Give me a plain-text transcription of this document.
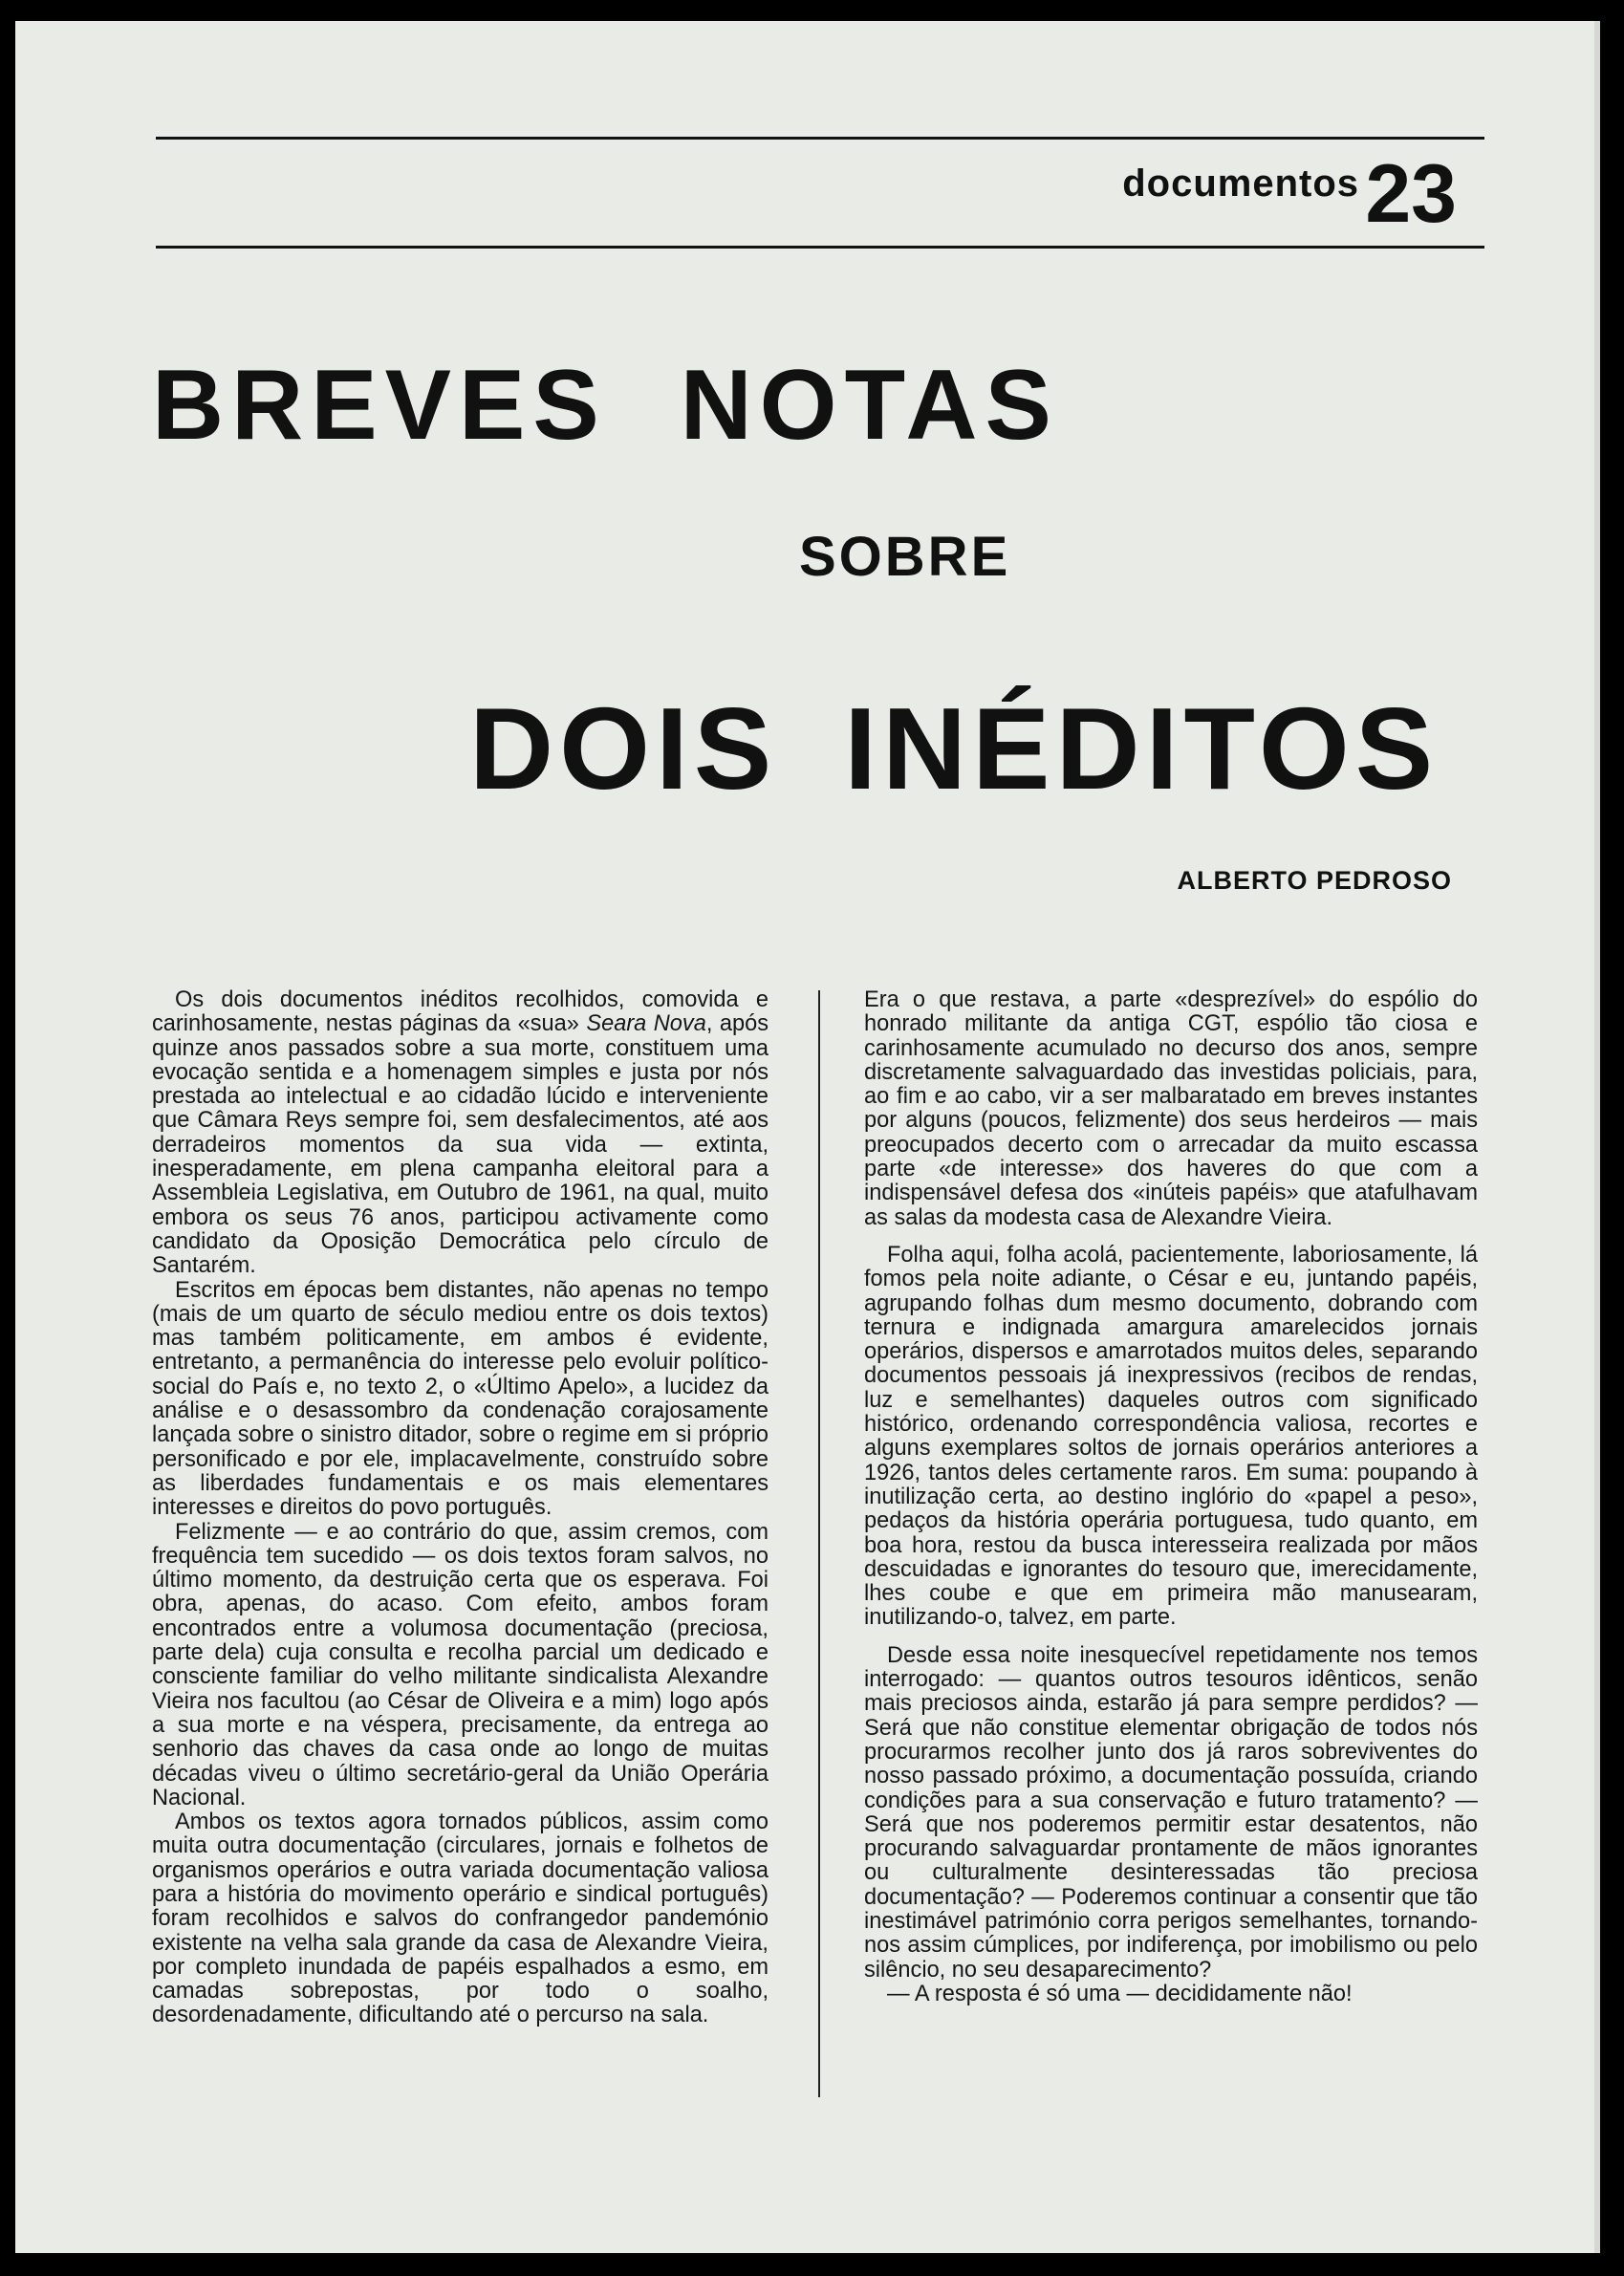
documentos 23
BREVES NOTAS
SOBRE
DOIS INÉDITOS
ALBERTO PEDROSO

Os dois documentos inéditos recolhidos, comovida e carinhosamente, nestas páginas da «sua» Seara Nova, após quinze anos passados sobre a sua morte, constituem uma evocação sentida e a homenagem simples e justa por nós prestada ao intelectual e ao cidadão lúcido e interveniente que Câmara Reys sempre foi, sem desfalecimentos, até aos derradeiros momentos da sua vida — extinta, inesperadamente, em plena campanha eleitoral para a Assembleia Legislativa, em Outubro de 1961, na qual, muito embora os seus 76 anos, participou activamente como candidato da Oposição Democrática pelo círculo de Santarém.

Escritos em épocas bem distantes, não apenas no tempo (mais de um quarto de século mediou entre os dois textos) mas também politicamente, em ambos é evidente, entretanto, a permanência do interesse pelo evoluir político-social do País e, no texto 2, o «Último Apelo», a lucidez da análise e o desassombro da condenação corajosamente lançada sobre o sinistro ditador, sobre o regime em si próprio personificado e por ele, implacavelmente, construído sobre as liberdades fundamentais e os mais elementares interesses e direitos do povo português.

Felizmente — e ao contrário do que, assim cremos, com frequência tem sucedido — os dois textos foram salvos, no último momento, da destruição certa que os esperava. Foi obra, apenas, do acaso. Com efeito, ambos foram encontrados entre a volumosa documentação (preciosa, parte dela) cuja consulta e recolha parcial um dedicado e consciente familiar do velho militante sindicalista Alexandre Vieira nos facultou (ao César de Oliveira e a mim) logo após a sua morte e na véspera, precisamente, da entrega ao senhorio das chaves da casa onde ao longo de muitas décadas viveu o último secretário-geral da União Operária Nacional.

Ambos os textos agora tornados públicos, assim como muita outra documentação (circulares, jornais e folhetos de organismos operários e outra variada documentação valiosa para a história do movimento operário e sindical português) foram recolhidos e salvos do confrangedor pandemónio existente na velha sala grande da casa de Alexandre Vieira, por completo inundada de papéis espalhados a esmo, em camadas sobrepostas, por todo o soalho, desordenadamente, dificultando até o percurso na sala.

Era o que restava, a parte «desprezível» do espólio do honrado militante da antiga CGT, espólio tão ciosa e carinhosamente acumulado no decurso dos anos, sempre discretamente salvaguardado das investidas policiais, para, ao fim e ao cabo, vir a ser malbaratado em breves instantes por alguns (poucos, felizmente) dos seus herdeiros — mais preocupados decerto com o arrecadar da muito escassa parte «de interesse» dos haveres do que com a indispensável defesa dos «inúteis papéis» que atafulhavam as salas da modesta casa de Alexandre Vieira.

Folha aqui, folha acolá, pacientemente, laboriosamente, lá fomos pela noite adiante, o César e eu, juntando papéis, agrupando folhas dum mesmo documento, dobrando com ternura e indignada amargura amarelecidos jornais operários, dispersos e amarrotados muitos deles, separando documentos pessoais já inexpressivos (recibos de rendas, luz e semelhantes) daqueles outros com significado histórico, ordenando correspondência valiosa, recortes e alguns exemplares soltos de jornais operários anteriores a 1926, tantos deles certamente raros. Em suma: poupando à inutilização certa, ao destino inglório do «papel a peso», pedaços da história operária portuguesa, tudo quanto, em boa hora, restou da busca interesseira realizada por mãos descuidadas e ignorantes do tesouro que, imerecidamente, lhes coube e que em primeira mão manusearam, inutilizando-o, talvez, em parte.

Desde essa noite inesquecível repetidamente nos temos interrogado: — quantos outros tesouros idênticos, senão mais preciosos ainda, estarão já para sempre perdidos? — Será que não constitue elementar obrigação de todos nós procurarmos recolher junto dos já raros sobreviventes do nosso passado próximo, a documentação possuída, criando condições para a sua conservação e futuro tratamento? — Será que nos poderemos permitir estar desatentos, não procurando salvaguardar prontamente de mãos ignorantes ou culturalmente desinteressadas tão preciosa documentação? — Poderemos continuar a consentir que tão inestimável património corra perigos semelhantes, tornando-nos assim cúmplices, por indiferença, por imobilismo ou pelo silêncio, no seu desaparecimento?

— A resposta é só uma — decididamente não!
